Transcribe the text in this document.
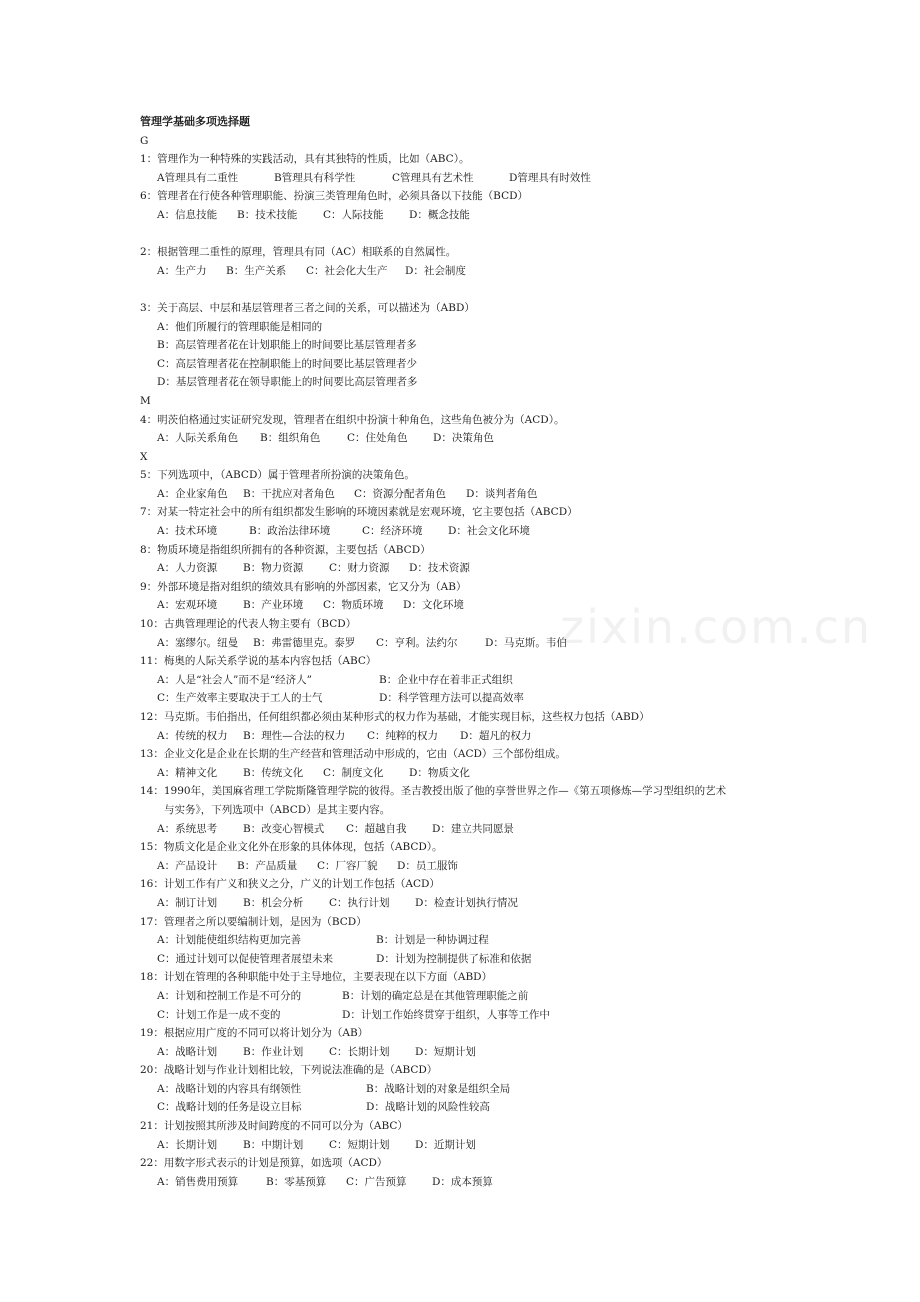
zixin.com.cn
管理学基础多项选择题
G
1：管理作为一种特殊的实践活动，具有其独特的性质，比如（ABC）。
A管理具有二重性	B管理具有科学性	C管理具有艺术性	D管理具有时效性
6：管理者在行使各种管理职能、扮演三类管理角色时，必须具备以下技能（BCD）
A：信息技能 B：技术技能 C：人际技能 D：概念技能
2：根据管理二重性的原理，管理具有同（AC）相联系的自然属性。
A：生产力 B：生产关系 C：社会化大生产 D：社会制度
3：关于高层、中层和基层管理者三者之间的关系，可以描述为（ABD）
A：他们所履行的管理职能是相同的
B：高层管理者花在计划职能上的时间要比基层管理者多
C：高层管理者花在控制职能上的时间要比基层管理者少
D：基层管理者花在领导职能上的时间要比高层管理者多
M
4：明茨伯格通过实证研究发现，管理者在组织中扮演十种角色，这些角色被分为（ACD）。
A：人际关系角色 B：组织角色	C：住处角色 D：决策角色
X
5：下列选项中，（ABCD）属于管理者所扮演的决策角色。
A：企业家角色 B：干扰应对者角色 C：资源分配者角色 D：谈判者角色
7：对某一特定社会中的所有组织都发生影响的环境因素就是宏观环境，它主要包括（ABCD）
A：技术环境	B：政治法律环境	C：经济环境 D：社会文化环境
8：物质环境是指组织所拥有的各种资源，主要包括（ABCD）
A：人力资源 B：物力资源 C：财力资源 D：技术资源
9：外部环境是指对组织的绩效具有影响的外部因素，它又分为（AB）
A：宏观环境 B：产业环境 C：物质环境 D：文化环境
10：古典管理理论的代表人物主要有（BCD）
A：塞缪尔。纽曼 B：弗雷德里克。泰罗 C：亨利。法约尔	D：马克斯。韦伯
11：梅奥的人际关系学说的基本内容包括（ABC）
A：人是“社会人”而不是“经济人”	B：企业中存在着非正式组织
C：生产效率主要取决于工人的士气	D：科学管理方法可以提高效率
12：马克斯。韦伯指出，任何组织都必须由某种形式的权力作为基础，才能实现目标，这些权力包括（ABD）
A：传统的权力 B：理性—合法的权力 C：纯粹的权力 D：超凡的权力
13：企业文化是企业在长期的生产经营和管理活动中形成的，它由（ACD）三个部份组成。
A：精神文化 B：传统文化 C：制度文化 D：物质文化
14：1990年，美国麻省理工学院斯隆管理学院的彼得。圣吉教授出版了他的享誉世界之作—《第五项修炼—学习型组织的艺术
与实务》，下列选项中（ABCD）是其主要内容。
A：系统思考 B：改变心智模式 C：超越自我 D：建立共同愿景
15：物质文化是企业文化外在形象的具体体现，包括（ABCD）。
A：产品设计 B：产品质量 C：厂容厂貌 D：员工服饰
16：计划工作有广义和狭义之分，广义的计划工作包括（ACD）
A：制订计划 B：机会分析 C：执行计划 D：检查计划执行情况
17：管理者之所以要编制计划，是因为（BCD）
A：计划能使组织结构更加完善	B：计划是一种协调过程
C：通过计划可以促使管理者展望未来	D：计划为控制提供了标准和依据
18：计划在管理的各种职能中处于主导地位，主要表现在以下方面（ABD）
A：计划和控制工作是不可分的	B：计划的确定总是在其他管理职能之前
C：计划工作是一成不变的	D：计划工作始终贯穿于组织，人事等工作中
19：根据应用广度的不同可以将计划分为（AB）
A：战略计划 B：作业计划 C：长期计划 D：短期计划
20：战略计划与作业计划相比较，下列说法准确的是（ABCD）
A：战略计划的内容具有纲领性	B：战略计划的对象是组织全局
C：战略计划的任务是设立目标	D：战略计划的风险性较高
21：计划按照其所涉及时间跨度的不同可以分为（ABC）
A：长期计划 B：中期计划 C：短期计划 D：近期计划
22：用数字形式表示的计划是预算，如选项（ACD）
A：销售费用预算	B：零基预算 C：广告预算 D：成本预算
